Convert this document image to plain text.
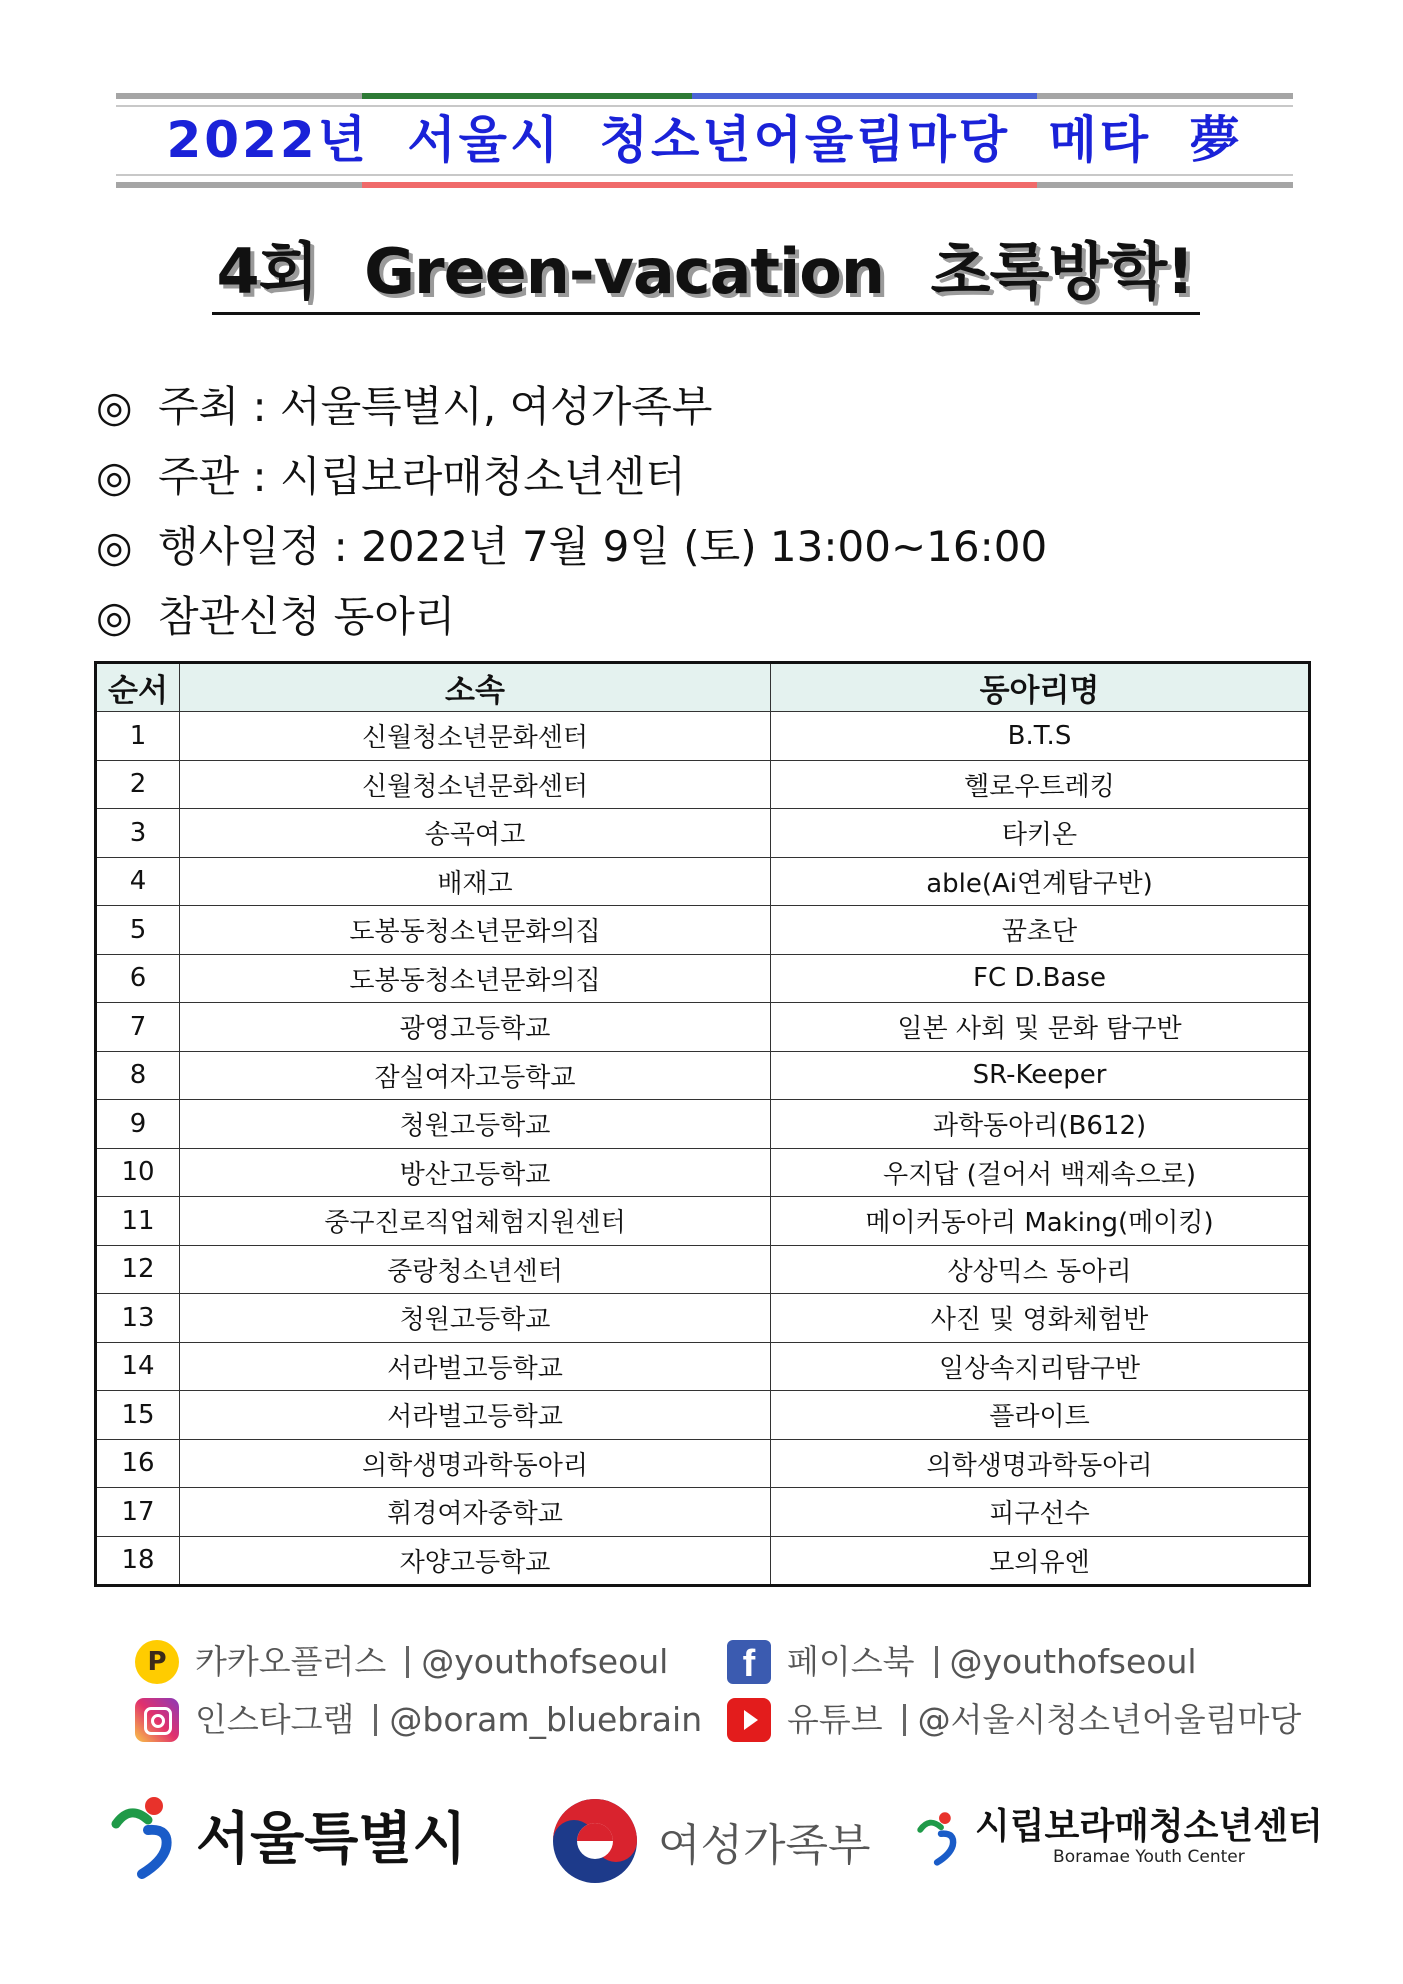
2022년 서울시 청소년어울림마당 메타 夢
4회 Green-vacation 초록방학!
◎ 주최 : 서울특별시, 여성가족부
◎ 주관 : 시립보라매청소년센터
◎ 행사일정 : 2022년 7월 9일 (토) 13:00~16:00
◎ 참관신청 동아리
순서	소속	동아리명
1	신월청소년문화센터	B.T.S
2	신월청소년문화센터	헬로우트레킹
3	송곡여고	타키온
4	배재고	able(Ai연계탐구반)
5	도봉동청소년문화의집	꿈초단
6	도봉동청소년문화의집	FC D.Base
7	광영고등학교	일본 사회 및 문화 탐구반
8	잠실여자고등학교	SR-Keeper
9	청원고등학교	과학동아리(B612)
10	방산고등학교	우지답 (걸어서 백제속으로)
11	중구진로직업체험지원센터	메이커동아리 Making(메이킹)
12	중랑청소년센터	상상믹스 동아리
13	청원고등학교	사진 및 영화체험반
14	서라벌고등학교	일상속지리탐구반
15	서라벌고등학교	플라이트
16	의학생명과학동아리	의학생명과학동아리
17	휘경여자중학교	피구선수
18	자양고등학교	모의유엔
P
카카오플러스 @youthofseoul f	페이스북 @youthofseoul
인스타그램 @boram_bluebrain	유튜브 @서울시청소년어울림마당
서울특별시	여성가족부	시립보라매청소년센터
Boramae Youth Center
